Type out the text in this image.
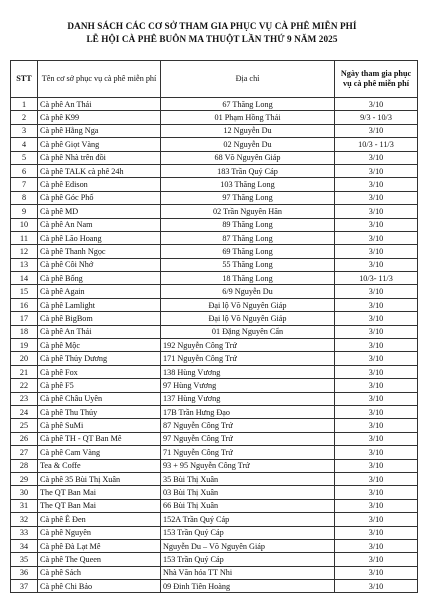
DANH SÁCH CÁC CƠ SỞ THAM GIA PHỤC VỤ CÀ PHÊ MIỄN PHÍ
LỄ HỘI CÀ PHÊ BUÔN MA THUỘT LẦN THỨ 9 NĂM 2025
STT	Tên cơ sở phục vụ cà phê miễn phí	Địa chỉ	Ngày tham gia phục vụ cà phê miễn phí
1	Cà phê An Thái	67 Thăng Long	3/10
2	Cà phê K99	01 Phạm Hồng Thái	9/3 - 10/3
3	Cà phê Hằng Nga	12 Nguyễn Du	3/10
4	Cà phê Giọt Vàng	02 Nguyễn Du	10/3 - 11/3
5	Cà phê Nhà trên đồi	68 Võ Nguyên Giáp	3/10
6	Cà phê TALK cà phê 24h	183 Trần Quý Cáp	3/10
7	Cà phê Edison	103 Thăng Long	3/10
8	Cà phê Góc Phố	97 Thăng Long	3/10
9	Cà phê MD	02 Trần Nguyên Hãn	3/10
10	Cà phê An Nam	89 Thăng Long	3/10
11	Cà phê Lão Hoang	87 Thăng Long	3/10
12	Cà phê Thanh Ngọc	69 Thăng Long	3/10
13	Cà phê Côi Nhớ	55 Thăng Long	3/10
14	Cà phê Bống	18 Thăng Long	10/3- 11/3
15	Cà phê Again	6/9 Nguyễn Du	3/10
16	Cà phê Lamlight	Đại lộ Võ Nguyên Giáp	3/10
17	Cà phê BigBom	Đại lộ Võ Nguyên Giáp	3/10
18	Cà phê An Thái	01 Đặng Nguyên Cẩn	3/10
19	Cà phê Mộc	192 Nguyễn Công Trứ	3/10
20	Cà phê Thủy Dương	171 Nguyễn Công Trứ	3/10
21	Cà phê Fox	138 Hùng Vương	3/10
22	Cà phê F5	97 Hùng Vương	3/10
23	Cà phê Châu Uyên	137 Hùng Vương	3/10
24	Cà phê Thu Thủy	17B Trần Hưng Đạo	3/10
25	Cà phê SuMi	87 Nguyễn Công Trứ	3/10
26	Cà phê TH - QT Ban Mê	97 Nguyễn Công Trứ	3/10
27	Cà phê Cam Vàng	71 Nguyễn Công Trứ	3/10
28	Tea & Coffe	93 + 95 Nguyễn Công Trứ	3/10
29	Cà phê 35 Bùi Thị Xuân	35 Bùi Thị Xuân	3/10
30	The QT Ban Mai	03 Bùi Thị Xuân	3/10
31	The QT Ban Mai	66 Bùi Thị Xuân	3/10
32	Cà phê Ê Đen	152A Trần Quý Cáp	3/10
33	Cà phê Nguyên	153 Trần Quý Cáp	3/10
34	Cà phê Đà Lạt Mê	Nguyễn Du – Võ Nguyên Giáp	3/10
35	Cà phê The Queen	153 Trần Quý Cáp	3/10
36	Cà phê Sách	Nhà Văn hóa TT Nhi	3/10
37	Cà phê Chi Bảo	09 Đinh Tiên Hoàng	3/10
